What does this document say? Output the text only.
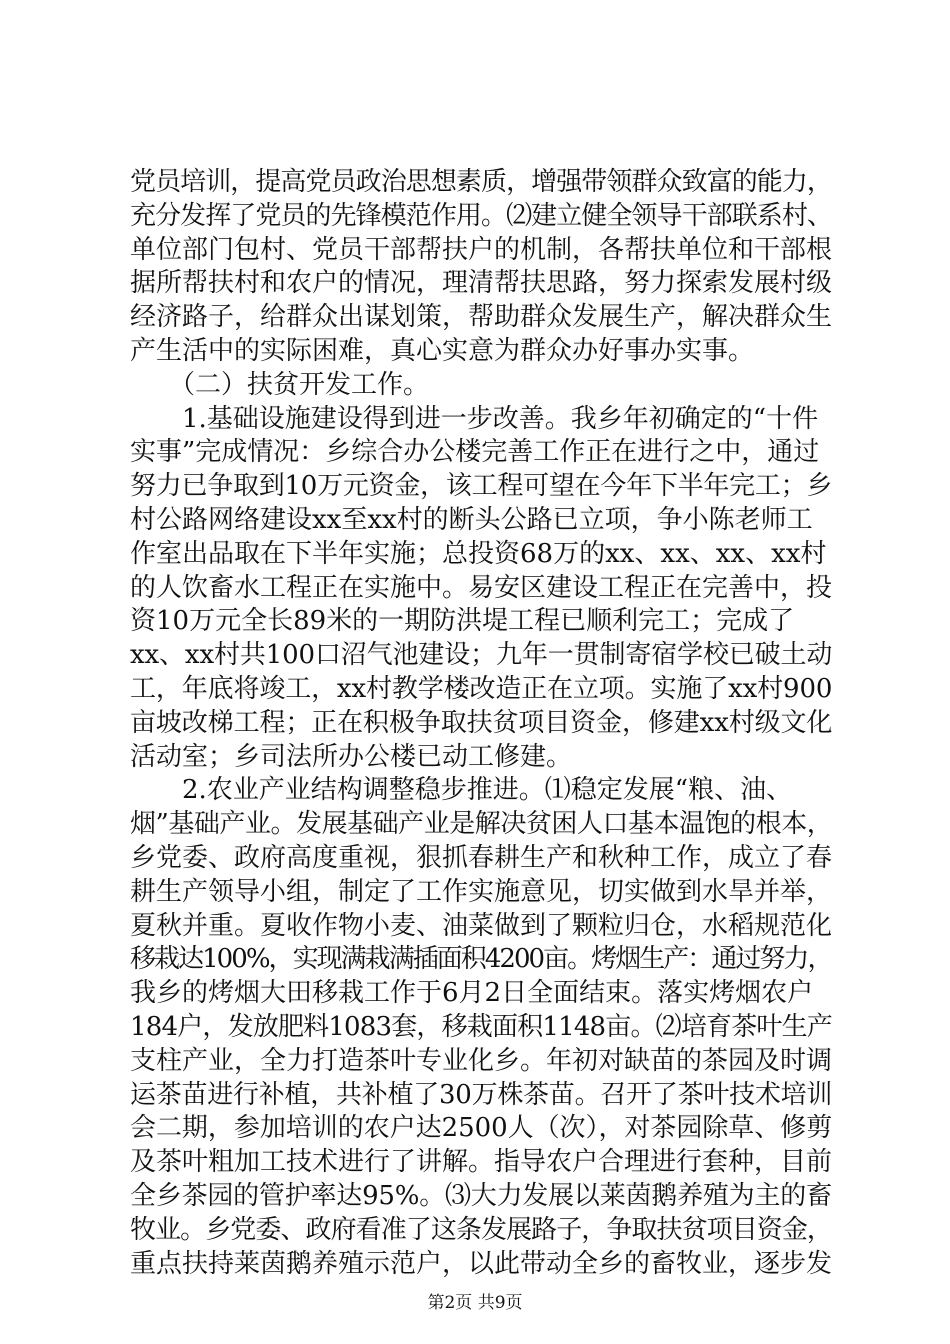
党员培训，提高党员政治思想素质，增强带领群众致富的能力，
充分发挥了党员的先锋模范作用。⑵建立健全领导干部联系村、
单位部门包村、党员干部帮扶户的机制，各帮扶单位和干部根
据所帮扶村和农户的情况，理清帮扶思路，努力探索发展村级
经济路子，给群众出谋划策，帮助群众发展生产，解决群众生
产生活中的实际困难，真心实意为群众办好事办实事。
　　（二）扶贫开发工作。
　　1.基础设施建设得到进一步改善。我乡年初确定的“十件
实事”完成情况：乡综合办公楼完善工作正在进行之中，通过
努力已争取到10万元资金，该工程可望在今年下半年完工；乡
村公路网络建设xx至xx村的断头公路已立项，争小陈老师工
作室出品取在下半年实施；总投资68万的xx、xx、xx、xx村
的人饮畜水工程正在实施中。易安区建设工程正在完善中，投
资10万元全长89米的一期防洪堤工程已顺利完工；完成了
xx、xx村共100口沼气池建设；九年一贯制寄宿学校已破土动
工，年底将竣工，xx村教学楼改造正在立项。实施了xx村900
亩坡改梯工程；正在积极争取扶贫项目资金，修建xx村级文化
活动室；乡司法所办公楼已动工修建。
　　2.农业产业结构调整稳步推进。⑴稳定发展“粮、油、
烟”基础产业。发展基础产业是解决贫困人口基本温饱的根本，
乡党委、政府高度重视，狠抓春耕生产和秋种工作，成立了春
耕生产领导小组，制定了工作实施意见，切实做到水旱并举，
夏秋并重。夏收作物小麦、油菜做到了颗粒归仓，水稻规范化
移栽达100%，实现满栽满插面积4200亩。烤烟生产：通过努力，
我乡的烤烟大田移栽工作于6月2日全面结束。落实烤烟农户
184户，发放肥料1083套，移栽面积1148亩。⑵培育茶叶生产
支柱产业，全力打造茶叶专业化乡。年初对缺苗的茶园及时调
运茶苗进行补植，共补植了30万株茶苗。召开了茶叶技术培训
会二期，参加培训的农户达2500人（次），对茶园除草、修剪
及茶叶粗加工技术进行了讲解。指导农户合理进行套种，目前
全乡茶园的管护率达95%。⑶大力发展以莱茵鹅养殖为主的畜
牧业。乡党委、政府看准了这条发展路子，争取扶贫项目资金，
重点扶持莱茵鹅养殖示范户，以此带动全乡的畜牧业，逐步发
第2页 共9页
